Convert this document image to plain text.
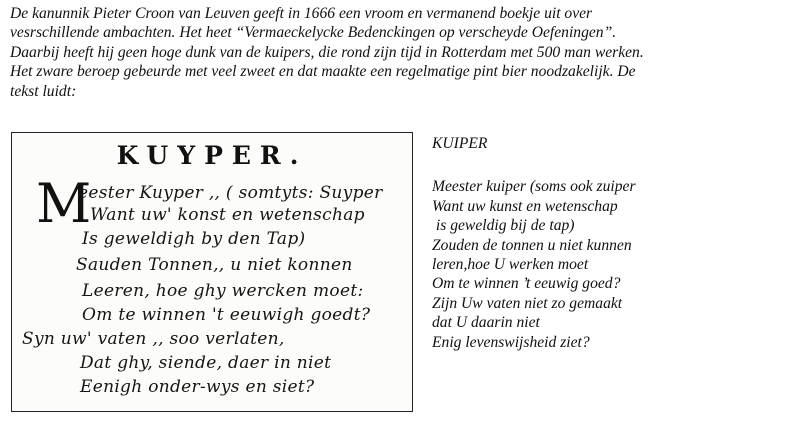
De kanunnik Pieter Croon van Leuven geeft in 1666 een vroom en vermanend boekje uit over
vesrschillende ambachten. Het heet “Vermaeckelycke Bedenckingen op verscheyde Oefeningen”.
Daarbij heeft hij geen hoge dunk van de kuipers, die rond zijn tijd in Rotterdam met 500 man werken.
Het zware beroep gebeurde met veel zweet en dat maakte een regelmatige pint bier noodzakelijk. De
tekst luidt:

KUYPER.
M
eester Kuyper ,, ( somtyts: Suyper
Want uw' konst en wetenschap
Is geweldigh by den Tap)
Sauden Tonnen,, u niet konnen
Leeren, hoe ghy wercken moet:
Om te winnen 't eeuwigh goedt?
Syn uw' vaten ,, soo verlaten,
Dat ghy, siende, daer in niet
Eenigh onder-wys en siet?
KUIPER
Meester kuiper (soms ook zuiper
Want uw kunst en wetenschap
is geweldig bij de tap)
Zouden de tonnen u niet kunnen
leren,hoe U werken moet
Om te winnen ’t eeuwig goed?
Zijn Uw vaten niet zo gemaakt
dat U daarin niet
Enig levenswijsheid ziet?
